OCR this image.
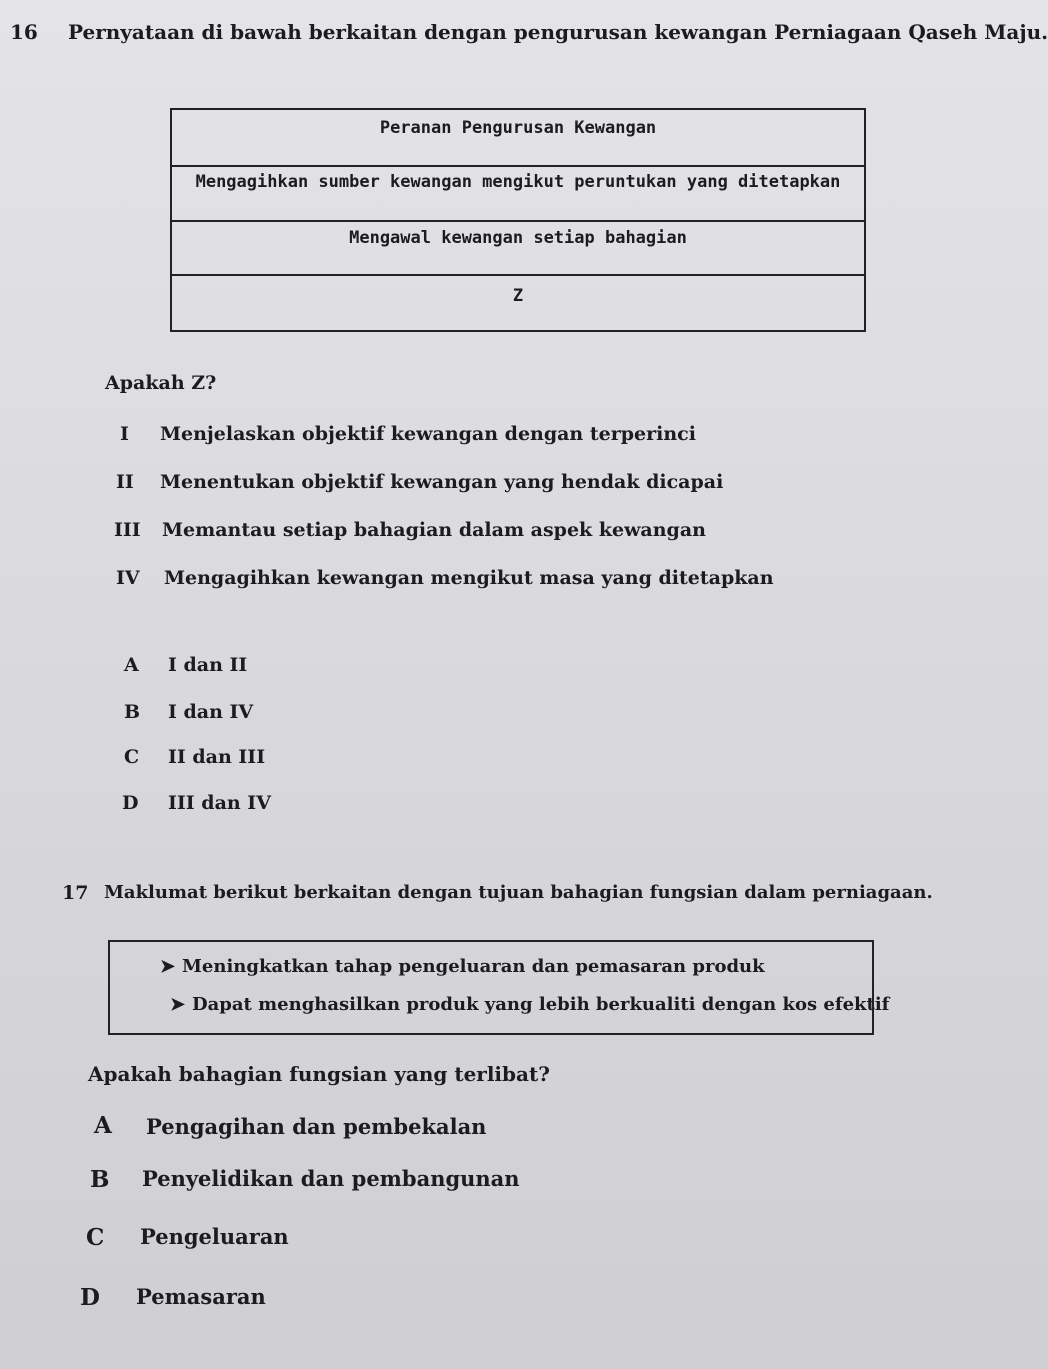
16 Pernyataan di bawah berkaitan dengan pengurusan kewangan Perniagaan Qaseh Maju.
Peranan Pengurusan Kewangan
Mengagihkan sumber kewangan mengikut peruntukan yang ditetapkan
Mengawal kewangan setiap bahagian
Z
Apakah Z?
I Menjelaskan objektif kewangan dengan terperinci
II Menentukan objektif kewangan yang hendak dicapai
III Memantau setiap bahagian dalam aspek kewangan
IV Mengagihkan kewangan mengikut masa yang ditetapkan
A I dan II
B I dan IV
C II dan III
D III dan IV
17 Maklumat berikut berkaitan dengan tujuan bahagian fungsian dalam perniagaan.
➤ Meningkatkan tahap pengeluaran dan pemasaran produk
➤ Dapat menghasilkan produk yang lebih berkualiti dengan kos efektif
Apakah bahagian fungsian yang terlibat?
A Pengagihan dan pembekalan
B Penyelidikan dan pembangunan
C Pengeluaran
D Pemasaran
